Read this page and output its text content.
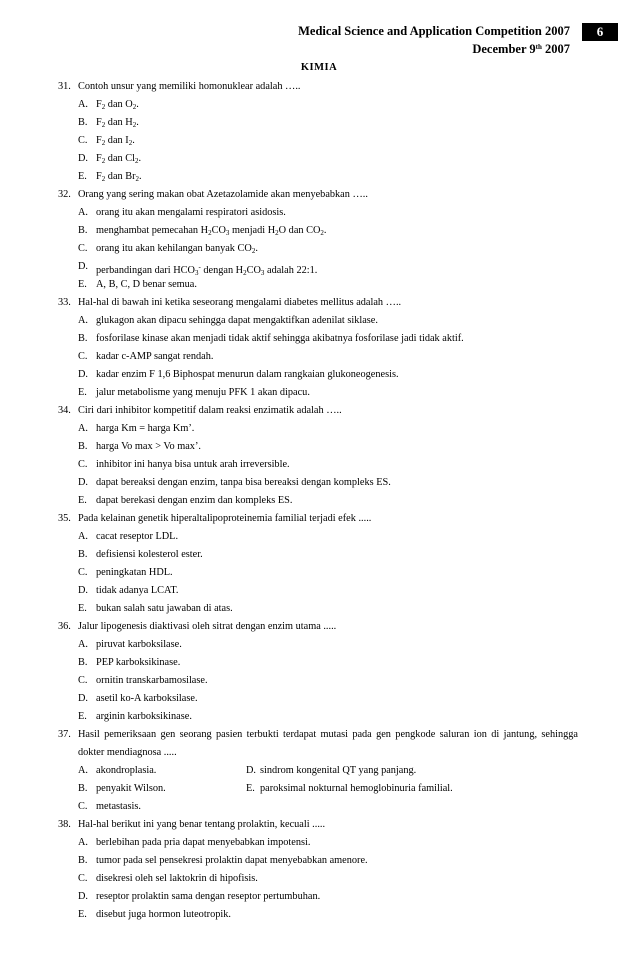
Medical Science and Application Competition 2007
December 9th 2007
6
KIMIA
31. Contoh unsur yang memiliki homonuklear adalah …..
A. $F_2$ dan $O_2$.
B. $F_2$ dan $H_2$.
C. $F_2$ dan $I_2$.
D. $F_2$ dan $Cl_2$.
E. $F_2$ dan $Br_2$.
32. Orang yang sering makan obat Azetazolamide akan menyebabkan …..
A. orang itu akan mengalami respiratori asidosis.
B. menghambat pemecahan $H_2CO_3$ menjadi $H_2O$ dan $CO_2$.
C. orang itu akan kehilangan banyak $CO_2$.
D. perbandingan dari $HCO_3^-$ dengan $H_2CO_3$ adalah 22:1.
E. A, B, C, D benar semua.
33. Hal-hal di bawah ini ketika seseorang mengalami diabetes mellitus adalah …..
A. glukagon akan dipacu sehingga dapat mengaktifkan adenilat siklase.
B. fosforilase kinase akan menjadi tidak aktif sehingga akibatnya fosforilase jadi tidak aktif.
C. kadar c-AMP sangat rendah.
D. kadar enzim F 1,6 Biphospat menurun dalam rangkaian glukoneogenesis.
E. jalur metabolisme yang menuju PFK 1 akan dipacu.
34. Ciri dari inhibitor kompetitif dalam reaksi enzimatik adalah …..
A. harga Km = harga Km’.
B. harga Vo max > Vo max’.
C. inhibitor ini hanya bisa untuk arah irreversible.
D. dapat bereaksi dengan enzim, tanpa bisa bereaksi dengan kompleks ES.
E. dapat berekasi dengan enzim dan kompleks ES.
35. Pada kelainan genetik hiperaltalipoproteinemia familial terjadi efek .....
A. cacat reseptor LDL.
B. defisiensi kolesterol ester.
C. peningkatan HDL.
D. tidak adanya LCAT.
E. bukan salah satu jawaban di atas.
36. Jalur lipogenesis diaktivasi oleh sitrat dengan enzim utama .....
A. piruvat karboksilase.
B. PEP karboksikinase.
C. ornitin transkarbamosilase.
D. asetil ko-A karboksilase.
E. arginin karboksikinase.
37. Hasil pemeriksaan gen seorang pasien terbukti terdapat mutasi pada gen pengkode saluran ion di jantung, sehingga
dokter mendiagnosa .....
A. akondroplasia.	D. sindrom kongenital QT yang panjang.
B. penyakit Wilson.	E. paroksimal nokturnal hemoglobinuria familial.
C. metastasis.
38. Hal-hal berikut ini yang benar tentang prolaktin, kecuali .....
A. berlebihan pada pria dapat menyebabkan impotensi.
B. tumor pada sel pensekresi prolaktin dapat menyebabkan amenore.
C. disekresi oleh sel laktokrin di hipofisis.
D. reseptor prolaktin sama dengan reseptor pertumbuhan.
E. disebut juga hormon luteotropik.
